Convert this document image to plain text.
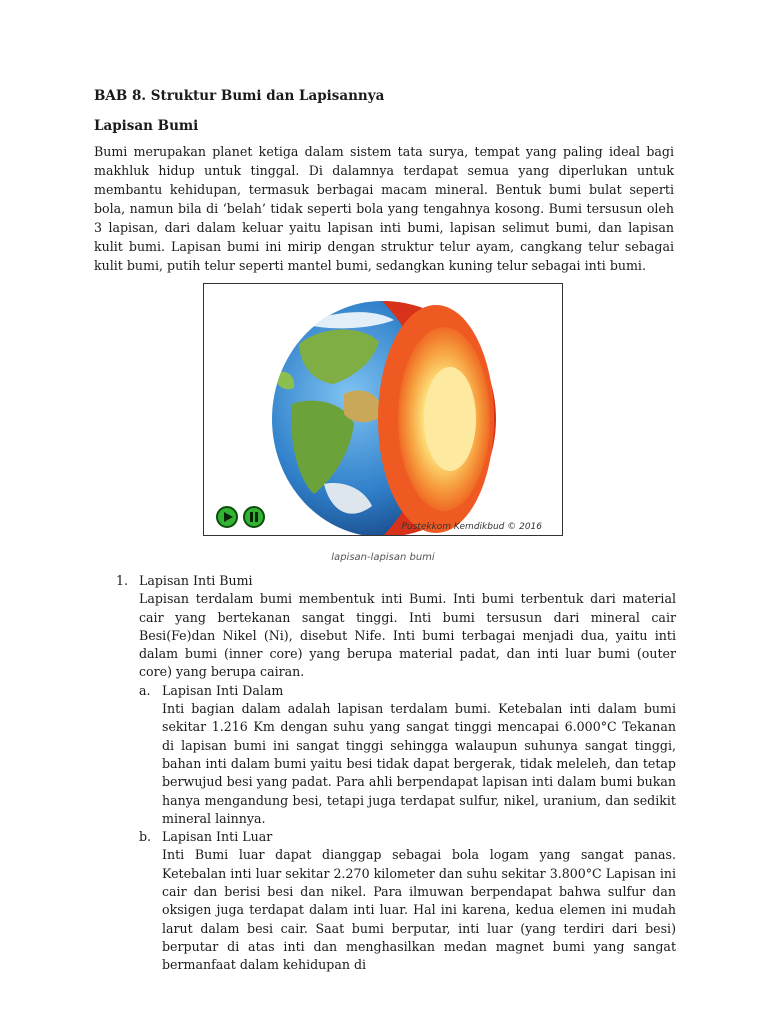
BAB 8. Struktur Bumi dan Lapisannya
Lapisan Bumi
Bumi merupakan planet ketiga dalam sistem tata surya, tempat yang paling ideal bagi makhluk hidup untuk tinggal. Di dalamnya terdapat semua yang diperlukan untuk membantu kehidupan, termasuk berbagai macam mineral. Bentuk bumi bulat seperti bola, namun bila di ‘belah’ tidak seperti bola yang tengahnya kosong. Bumi tersusun oleh 3 lapisan, dari dalam keluar yaitu lapisan inti bumi, lapisan selimut bumi, dan lapisan kulit bumi. Lapisan bumi ini mirip dengan struktur telur ayam, cangkang telur sebagai kulit bumi, putih telur seperti mantel bumi, sedangkan kuning telur sebagai inti bumi.
Pustekkom Kemdikbud © 2016
lapisan-lapisan bumi
1. Lapisan Inti Bumi
Lapisan terdalam bumi membentuk inti Bumi. Inti bumi terbentuk dari material cair yang bertekanan sangat tinggi. Inti bumi tersusun dari mineral cair Besi(Fe)dan Nikel (Ni), disebut Nife. Inti bumi terbagai menjadi dua, yaitu inti dalam bumi (inner core) yang berupa material padat, dan inti luar bumi (outer core) yang berupa cairan.
a. Lapisan Inti Dalam
Inti bagian dalam adalah lapisan terdalam bumi. Ketebalan inti dalam bumi sekitar 1.216 Km dengan suhu yang sangat tinggi mencapai 6.000°C Tekanan di lapisan bumi ini sangat tinggi sehingga walaupun suhunya sangat tinggi, bahan inti dalam bumi yaitu besi tidak dapat bergerak, tidak meleleh, dan tetap berwujud besi yang padat. Para ahli berpendapat lapisan inti dalam bumi bukan hanya mengandung besi, tetapi juga terdapat sulfur, nikel, uranium, dan sedikit mineral lainnya.
b. Lapisan Inti Luar
Inti Bumi luar dapat dianggap sebagai bola logam yang sangat panas. Ketebalan inti luar sekitar 2.270 kilometer dan suhu sekitar 3.800°C Lapisan ini cair dan berisi besi dan nikel. Para ilmuwan berpendapat bahwa sulfur dan oksigen juga terdapat dalam inti luar. Hal ini karena, kedua elemen ini mudah larut dalam besi cair. Saat bumi berputar, inti luar (yang terdiri dari besi) berputar di atas inti dan menghasilkan medan magnet bumi yang sangat bermanfaat dalam kehidupan di
